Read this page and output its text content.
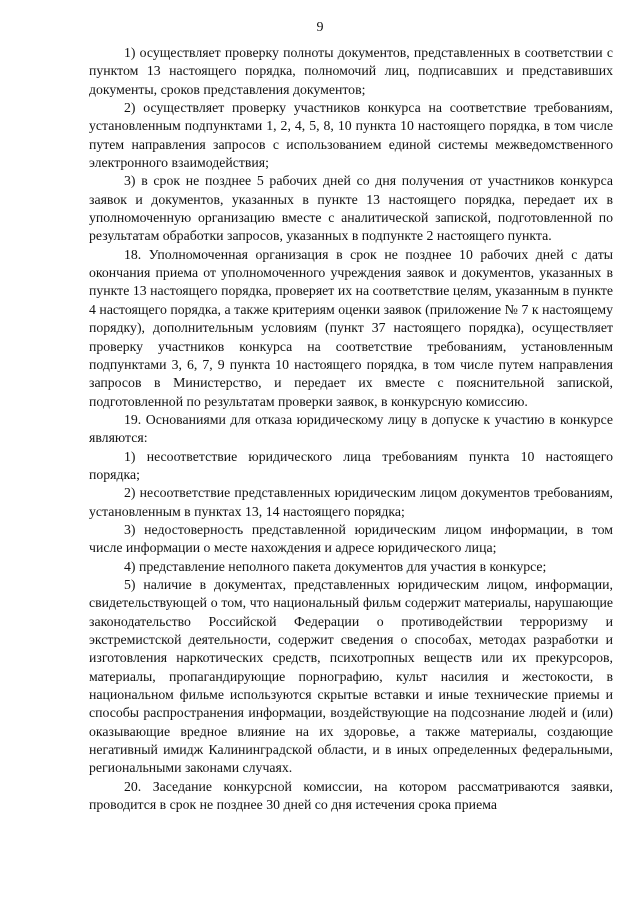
9

1) осуществляет проверку полноты документов, представленных в соответствии с пунктом 13 настоящего порядка, полномочий лиц, подписавших и представивших документы, сроков представления документов;

2) осуществляет проверку участников конкурса на соответствие требованиям, установленным подпунктами 1, 2, 4, 5, 8, 10 пункта 10 настоящего порядка, в том числе путем направления запросов с использованием единой системы межведомственного электронного взаимодействия;

3) в срок не позднее 5 рабочих дней со дня получения от участников конкурса заявок и документов, указанных в пункте 13 настоящего порядка, передает их в уполномоченную организацию вместе с аналитической запиской, подготовленной по результатам обработки запросов, указанных в подпункте 2 настоящего пункта.

18. Уполномоченная организация в срок не позднее 10 рабочих дней с даты окончания приема от уполномоченного учреждения заявок и документов, указанных в пункте 13 настоящего порядка, проверяет их на соответствие целям, указанным в пункте 4 настоящего порядка, а также критериям оценки заявок (приложение № 7 к настоящему порядку), дополнительным условиям (пункт 37 настоящего порядка), осуществляет проверку участников конкурса на соответствие требованиям, установленным подпунктами 3, 6, 7, 9 пункта 10 настоящего порядка, в том числе путем направления запросов в Министерство, и передает их вместе с пояснительной запиской, подготовленной по результатам проверки заявок, в конкурсную комиссию.

19. Основаниями для отказа юридическому лицу в допуске к участию в конкурсе являются:

1) несоответствие юридического лица требованиям пункта 10 настоящего порядка;

2) несоответствие представленных юридическим лицом документов требованиям, установленным в пунктах 13, 14 настоящего порядка;

3) недостоверность представленной юридическим лицом информации, в том числе информации о месте нахождения и адресе юридического лица;

4) представление неполного пакета документов для участия в конкурсе;

5) наличие в документах, представленных юридическим лицом, информации, свидетельствующей о том, что национальный фильм содержит материалы, нарушающие законодательство Российской Федерации о противодействии терроризму и экстремистской деятельности, содержит сведения о способах, методах разработки и изготовления наркотических средств, психотропных веществ или их прекурсоров, материалы, пропагандирующие порнографию, культ насилия и жестокости, в национальном фильме используются скрытые вставки и иные технические приемы и способы распространения информации, воздействующие на подсознание людей и (или) оказывающие вредное влияние на их здоровье, а также материалы, создающие негативный имидж Калининградской области, и в иных определенных федеральными, региональными законами случаях.

20. Заседание конкурсной комиссии, на котором рассматриваются заявки, проводится в срок не позднее 30 дней со дня истечения срока приема
